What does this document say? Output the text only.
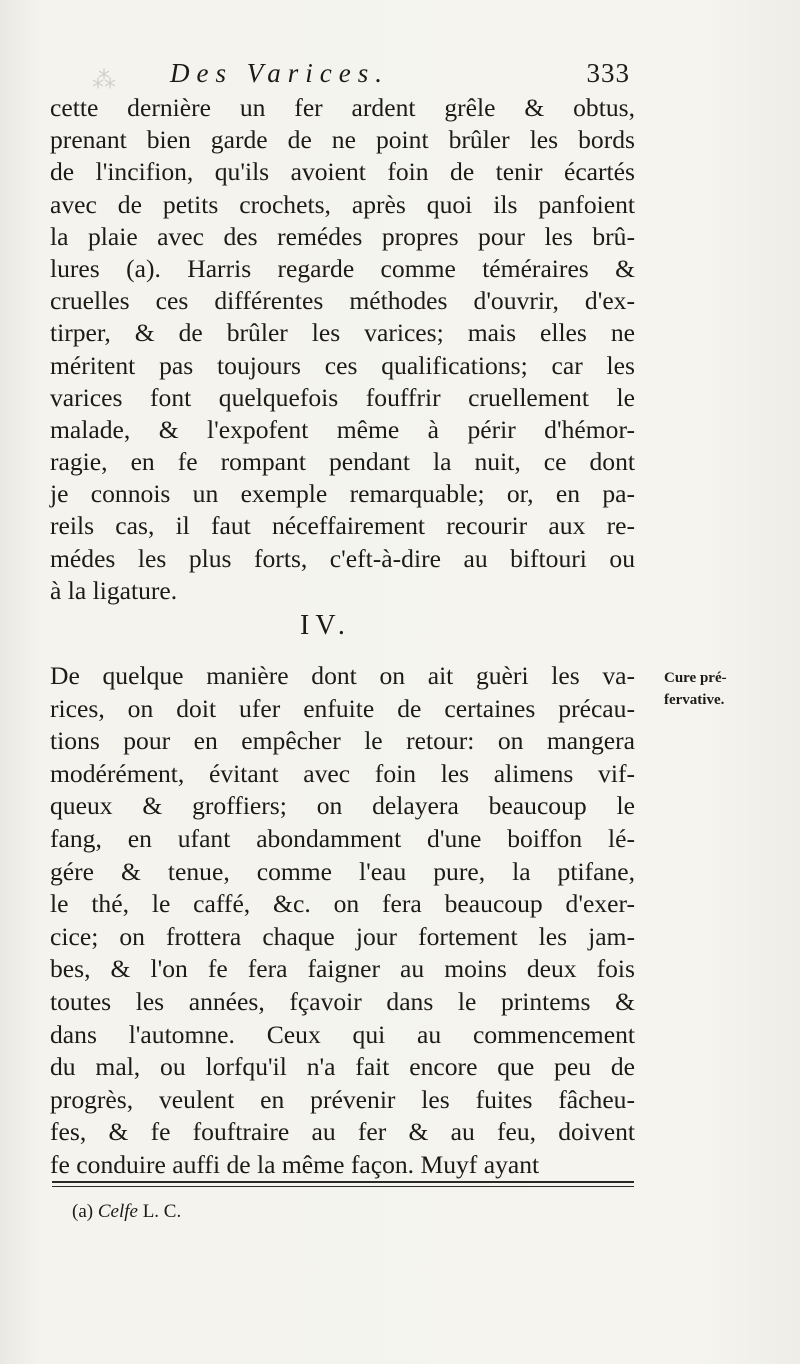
⁂ Des Varices.	333
cette dernière un fer ardent grêle & obtus,
prenant bien garde de ne point brûler les bords
de l'incifion, qu'ils avoient foin de tenir écartés
avec de petits crochets, après quoi ils panfoient
la plaie avec des remédes propres pour les brû-
lures (a). Harris regarde comme téméraires &
cruelles ces différentes méthodes d'ouvrir, d'ex-
tirper, & de brûler les varices; mais elles ne
méritent pas toujours ces qualifications; car les
varices font quelquefois fouffrir cruellement le
malade, & l'expofent même à périr d'hémor-
ragie, en fe rompant pendant la nuit, ce dont
je connois un exemple remarquable; or, en pa-
reils cas, il faut néceffairement recourir aux re-
médes les plus forts, c'eft-à-dire au biftouri ou
à la ligature.
IV.
De quelque manière dont on ait guèri les va-
rices, on doit ufer enfuite de certaines précau-
tions pour en empêcher le retour: on mangera
modérément, évitant avec foin les alimens vif-
queux & groffiers; on delayera beaucoup le
fang, en ufant abondamment d'une boiffon lé-
gére & tenue, comme l'eau pure, la ptifane,
le thé, le caffé, &c. on fera beaucoup d'exer-
cice; on frottera chaque jour fortement les jam-
bes, & l'on fe fera faigner au moins deux fois
toutes les années, fçavoir dans le printems &
dans l'automne. Ceux qui au commencement
du mal, ou lorfqu'il n'a fait encore que peu de
progrès, veulent en prévenir les fuites fâcheu-
fes, & fe fouftraire au fer & au feu, doivent
fe conduire auffi de la même façon. Muyf ayant
Cure pré-
fervative.
(a) Celfe L. C.
